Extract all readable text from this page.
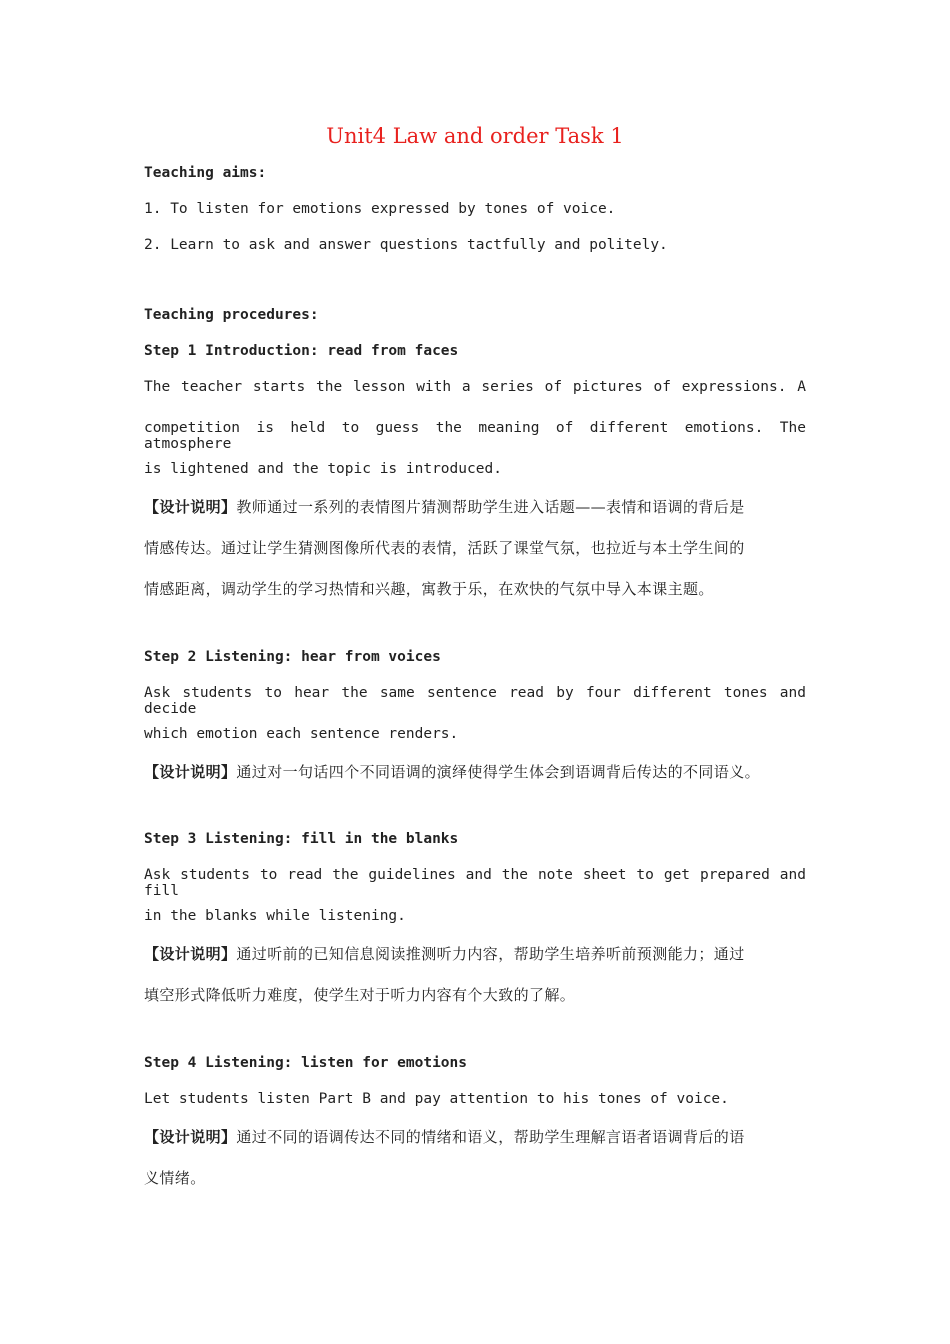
Unit4 Law and order Task 1
Teaching aims:
1. To listen for emotions expressed by tones of voice.
2. Learn to ask and answer questions tactfully and politely.
Teaching procedures:
Step 1 Introduction: read from faces
The teacher starts the lesson with a series of pictures of expressions. A
competition is held to guess the meaning of different emotions. The atmosphere
is lightened and the topic is introduced.
【设计说明】教师通过一系列的表情图片猜测帮助学生进入话题——表情和语调的背后是
情感传达。通过让学生猜测图像所代表的表情，活跃了课堂气氛，也拉近与本土学生间的
情感距离，调动学生的学习热情和兴趣，寓教于乐，在欢快的气氛中导入本课主题。
Step 2 Listening: hear from voices
Ask students to hear the same sentence read by four different tones and decide
which emotion each sentence renders.
【设计说明】通过对一句话四个不同语调的演绎使得学生体会到语调背后传达的不同语义。
Step 3 Listening: fill in the blanks
Ask students to read the guidelines and the note sheet to get prepared and fill
in the blanks while listening.
【设计说明】通过听前的已知信息阅读推测听力内容，帮助学生培养听前预测能力；通过
填空形式降低听力难度，使学生对于听力内容有个大致的了解。
Step 4 Listening: listen for emotions
Let students listen Part B and pay attention to his tones of voice.
【设计说明】通过不同的语调传达不同的情绪和语义，帮助学生理解言语者语调背后的语
义情绪。
